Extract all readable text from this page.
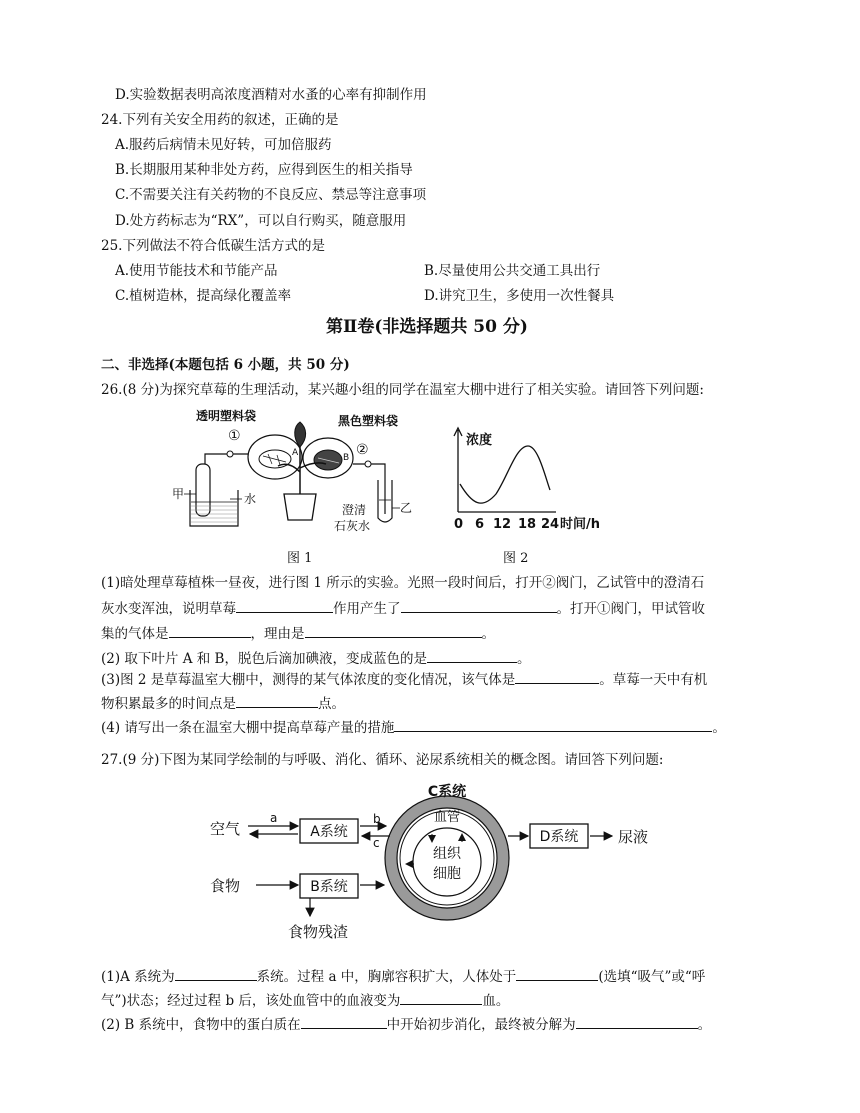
D.实验数据表明高浓度酒精对水蚤的心率有抑制作用
24.下列有关安全用药的叙述，正确的是
A.服药后病情未见好转，可加倍服药
B.长期服用某种非处方药，应得到医生的相关指导
C.不需要关注有关药物的不良反应、禁忌等注意事项
D.处方药标志为“RX”，可以自行购买，随意服用
25.下列做法不符合低碳生活方式的是
A.使用节能技术和节能产品	B.尽量使用公共交通工具出行
C.植树造林，提高绿化覆盖率	D.讲究卫生，多使用一次性餐具
第Ⅱ卷(非选择题共 50 分)
二、非选择(本题包括 6 小题，共 50 分)
26.(8 分)为探究草莓的生理活动，某兴趣小组的同学在温室大棚中进行了相关实验。请回答下列问题:
透明塑料袋	黑色塑料袋
①
②
B
A
甲	水
乙
澄清
石灰水
图 1
浓度
0 6 12 18 24 时间/h
图 2
(1)暗处理草莓植株一昼夜，进行图 1 所示的实验。光照一段时间后，打开②阀门，乙试管中的澄清石
灰水变浑浊，说明草莓	作用产生了	。打开①阀门，甲试管收
集的气体是	，理由是	。
(2) 取下叶片 A 和 B，脱色后滴加碘液，变成蓝色的是	。
(3)图 2 是草莓温室大棚中，测得的某气体浓度的变化情况，该气体是	。草莓一天中有机
物积累最多的时间点是	点。
(4) 请写出一条在温室大棚中提高草莓产量的措施	。
27.(9 分)下图为某同学绘制的与呼吸、消化、循环、泌尿系统相关的概念图。请回答下列问题:
C系统
血管
组织
细胞
空气
a
A系统
b
c
食物	B系统
食物残渣
D系统	尿液
(1)A 系统为	系统。过程 a 中，胸廓容积扩大，人体处于	(选填“吸气”或“呼
气”)状态；经过过程 b 后，该处血管中的血液变为	血。
(2) B 系统中，食物中的蛋白质在	中开始初步消化，最终被分解为	。
